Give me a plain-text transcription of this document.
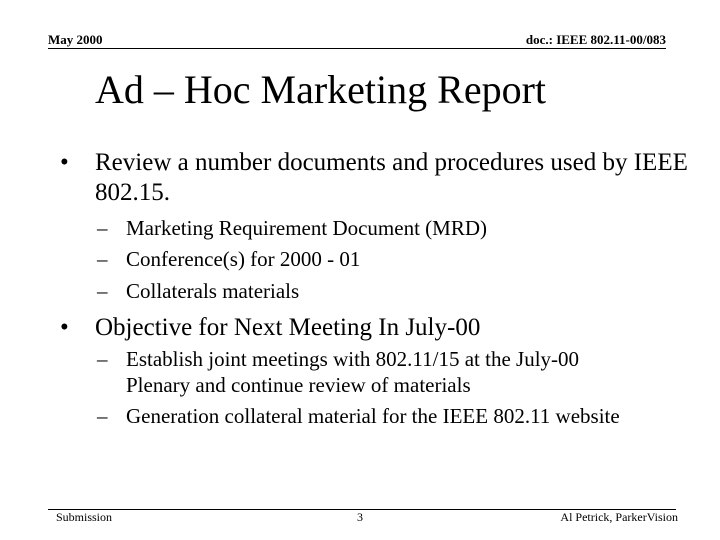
May 2000	doc.: IEEE 802.11-00/083
Ad – Hoc Marketing Report
•	Review a number documents and procedures used by IEEE 802.15.
– Marketing Requirement Document (MRD)
– Conference(s) for 2000 - 01
– Collaterals materials
•	Objective for Next Meeting In July-00
– Establish joint meetings with 802.11/15 at the July-00 Plenary and continue review of materials
– Generation collateral material for the IEEE 802.11 website
Submission	3	Al Petrick, ParkerVision
